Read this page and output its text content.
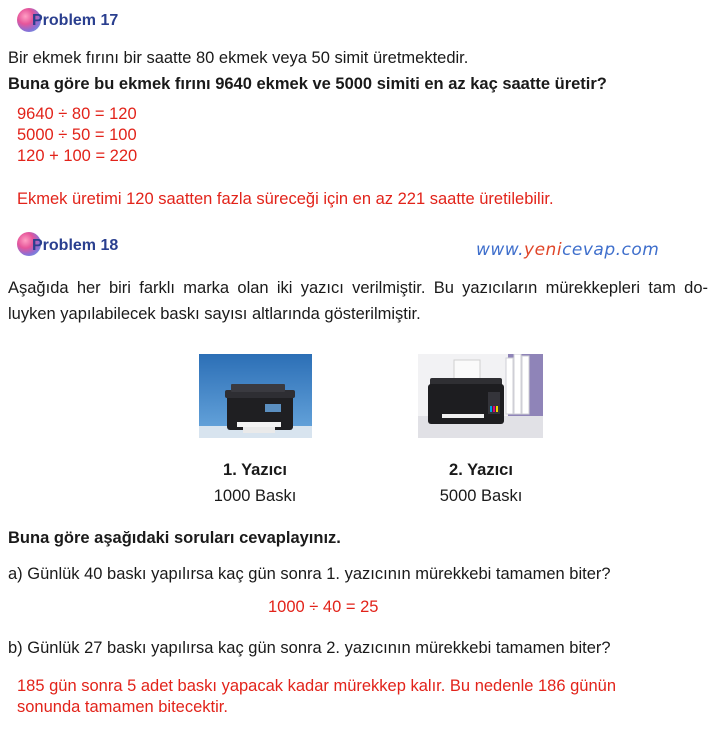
Problem 17
Bir ekmek fırını bir saatte 80 ekmek veya 50 simit üretmektedir.
Buna göre bu ekmek fırını 9640 ekmek ve 5000 simiti en az kaç saatte üretir?
9640 ÷ 80 = 120
5000 ÷ 50 = 100
120 + 100 = 220
Ekmek üretimi 120 saatten fazla süreceği için en az 221 saatte üretilebilir.
Problem 18	www.yenicevap.com
Aşağıda her biri farklı marka olan iki yazıcı verilmiştir. Bu yazıcıların mürekkepleri tam do-
luyken yapılabilecek baskı sayısı altlarında gösterilmiştir.
1. Yazıcı
1000 Baskı
2. Yazıcı
5000 Baskı
Buna göre aşağıdaki soruları cevaplayınız.
a) Günlük 40 baskı yapılırsa kaç gün sonra 1. yazıcının mürekkebi tamamen biter?
1000 ÷ 40 = 25
b) Günlük 27 baskı yapılırsa kaç gün sonra 2. yazıcının mürekkebi tamamen biter?
185 gün sonra 5 adet baskı yapacak kadar mürekkep kalır. Bu nedenle 186 günün
sonunda tamamen bitecektir.
